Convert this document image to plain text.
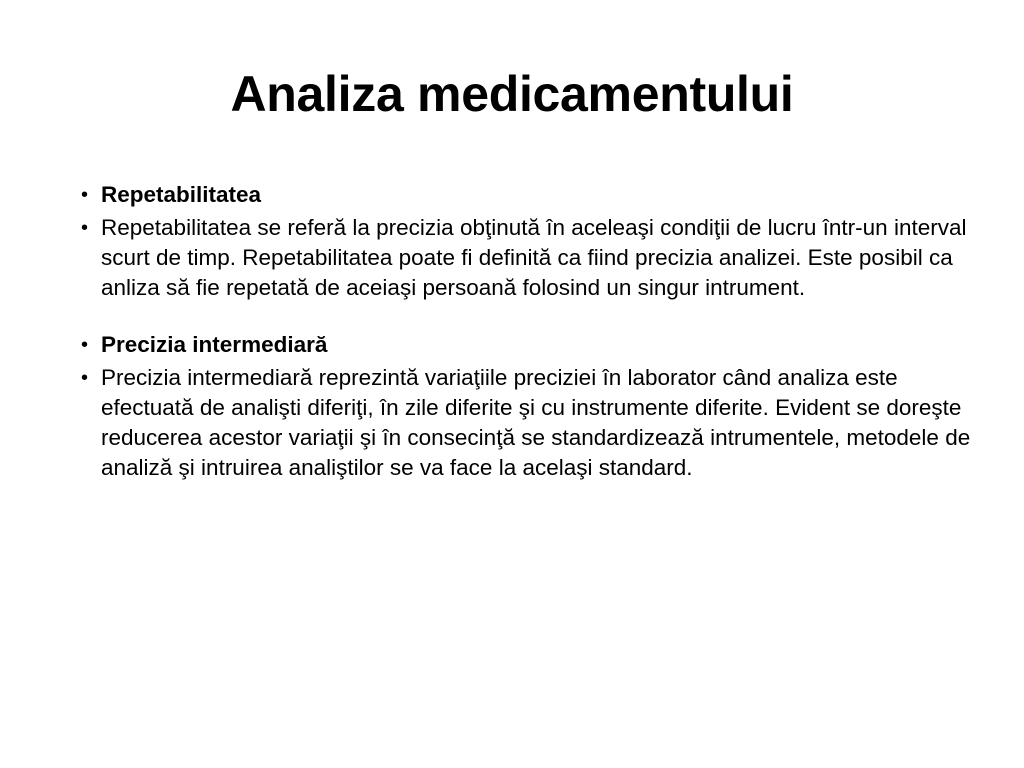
Analiza medicamentului
• Repetabilitatea
• Repetabilitatea se referă la precizia obţinută în aceleaşi condiţii de lucru într-un interval scurt de timp. Repetabilitatea poate fi definită ca fiind precizia analizei. Este posibil ca anliza să fie repetată de aceiaşi persoană folosind un singur intrument.
• Precizia intermediară
• Precizia intermediară reprezintă variaţiile preciziei în laborator când analiza este efectuată de analişti diferiţi, în zile diferite şi cu instrumente diferite. Evident se doreşte reducerea acestor variaţii şi în consecinţă se standardizează intrumentele, metodele de analiză şi intruirea analiştilor se va face la acelaşi standard.
